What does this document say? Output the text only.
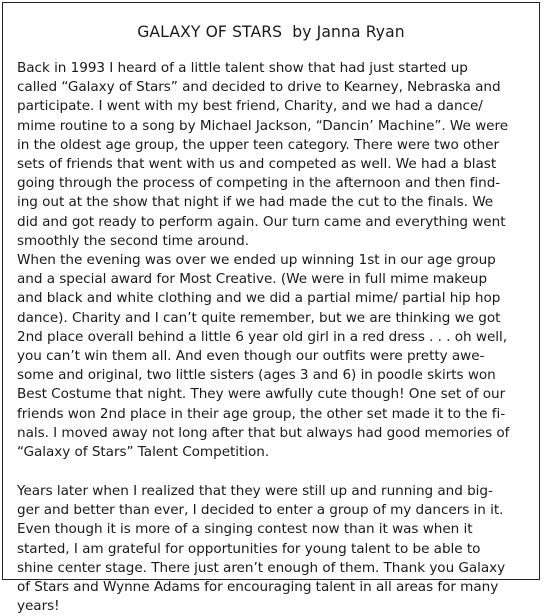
GALAXY OF STARS  by Janna Ryan
Back in 1993 I heard of a little talent show that had just started up
called “Galaxy of Stars” and decided to drive to Kearney, Nebraska and
participate. I went with my best friend, Charity, and we had a dance/
mime routine to a song by Michael Jackson, “Dancin’ Machine”. We were
in the oldest age group, the upper teen category. There were two other
sets of friends that went with us and competed as well. We had a blast
going through the process of competing in the afternoon and then find-
ing out at the show that night if we had made the cut to the finals. We
did and got ready to perform again. Our turn came and everything went
smoothly the second time around.
When the evening was over we ended up winning 1st in our age group
and a special award for Most Creative. (We were in full mime makeup
and black and white clothing and we did a partial mime/ partial hip hop
dance). Charity and I can’t quite remember, but we are thinking we got
2nd place overall behind a little 6 year old girl in a red dress . . . oh well,
you can’t win them all. And even though our outfits were pretty awe-
some and original, two little sisters (ages 3 and 6) in poodle skirts won
Best Costume that night. They were awfully cute though! One set of our
friends won 2nd place in their age group, the other set made it to the fi-
nals. I moved away not long after that but always had good memories of
“Galaxy of Stars” Talent Competition.
Years later when I realized that they were still up and running and big-
ger and better than ever, I decided to enter a group of my dancers in it.
Even though it is more of a singing contest now than it was when it
started, I am grateful for opportunities for young talent to be able to
shine center stage. There just aren’t enough of them. Thank you Galaxy
of Stars and Wynne Adams for encouraging talent in all areas for many
years!
